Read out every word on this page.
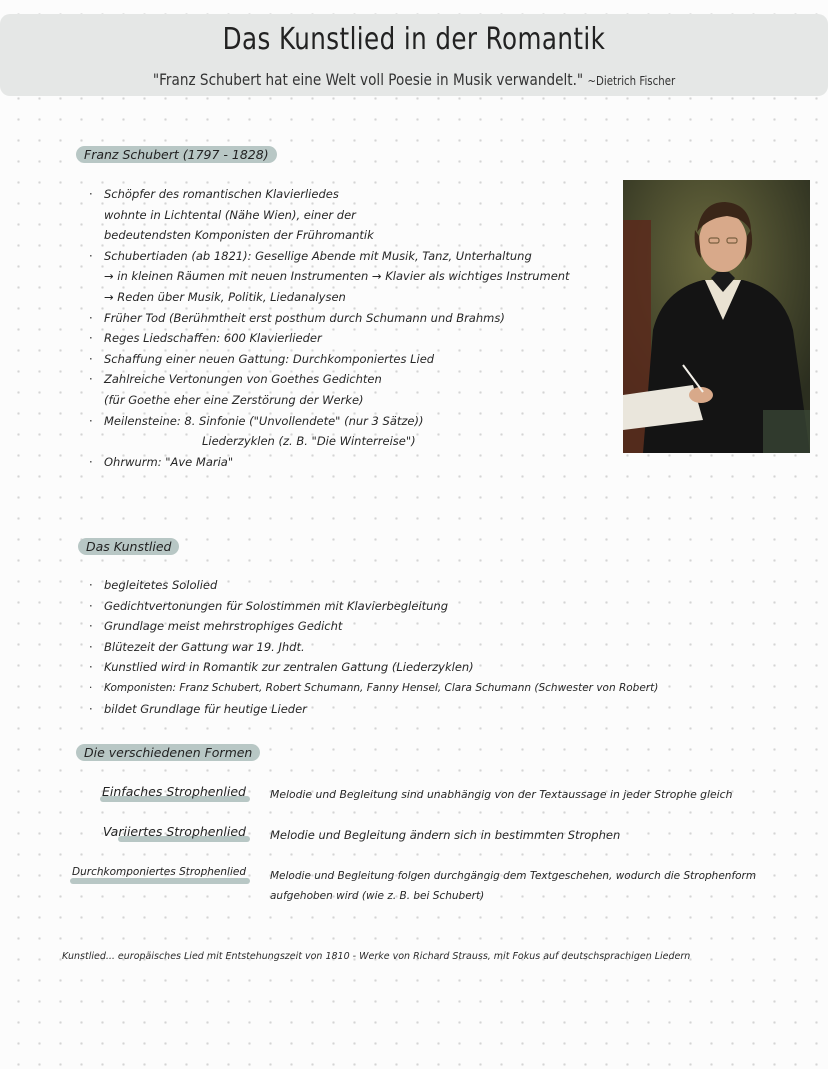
Das Kunstlied in der Romantik
"Franz Schubert hat eine Welt voll Poesie in Musik verwandelt." ~Dietrich Fischer
Franz Schubert (1797 - 1828)
· Schöpfer des romantischen Klavierliedes
wohnte in Lichtental (Nähe Wien), einer der
bedeutendsten Komponisten der Frühromantik
· Schubertiaden (ab 1821): Gesellige Abende mit Musik, Tanz, Unterhaltung
→ in kleinen Räumen mit neuen Instrumenten → Klavier als wichtiges Instrument
→ Reden über Musik, Politik, Liedanalysen
· Früher Tod (Berühmtheit erst posthum durch Schumann und Brahms)
· Reges Liedschaffen: 600 Klavierlieder
· Schaffung einer neuen Gattung: Durchkomponiertes Lied
· Zahlreiche Vertonungen von Goethes Gedichten
(für Goethe eher eine Zerstörung der Werke)
· Meilensteine: 8. Sinfonie ("Unvollendete" (nur 3 Sätze))
Liederzyklen (z. B. "Die Winterreise")
· Ohrwurm: "Ave Maria"
Das Kunstlied
· begleitetes Sololied
· Gedichtvertonungen für Solostimmen mit Klavierbegleitung
· Grundlage meist mehrstrophiges Gedicht
· Blütezeit der Gattung war 19. Jhdt.
· Kunstlied wird in Romantik zur zentralen Gattung (Liederzyklen)
· Komponisten: Franz Schubert, Robert Schumann, Fanny Hensel, Clara Schumann (Schwester von Robert)
· bildet Grundlage für heutige Lieder
Die verschiedenen Formen
Einfaches Strophenlied Melodie und Begleitung sind unabhängig von der Textaussage in jeder Strophe gleich
Variiertes Strophenlied Melodie und Begleitung ändern sich in bestimmten Strophen
Durchkomponiertes Strophenlied Melodie und Begleitung folgen durchgängig dem Textgeschehen, wodurch die Strophenform
aufgehoben wird (wie z. B. bei Schubert)
Kunstlied... europäisches Lied mit Entstehungszeit von 1810 - Werke von Richard Strauss, mit Fokus auf deutschsprachigen Liedern
